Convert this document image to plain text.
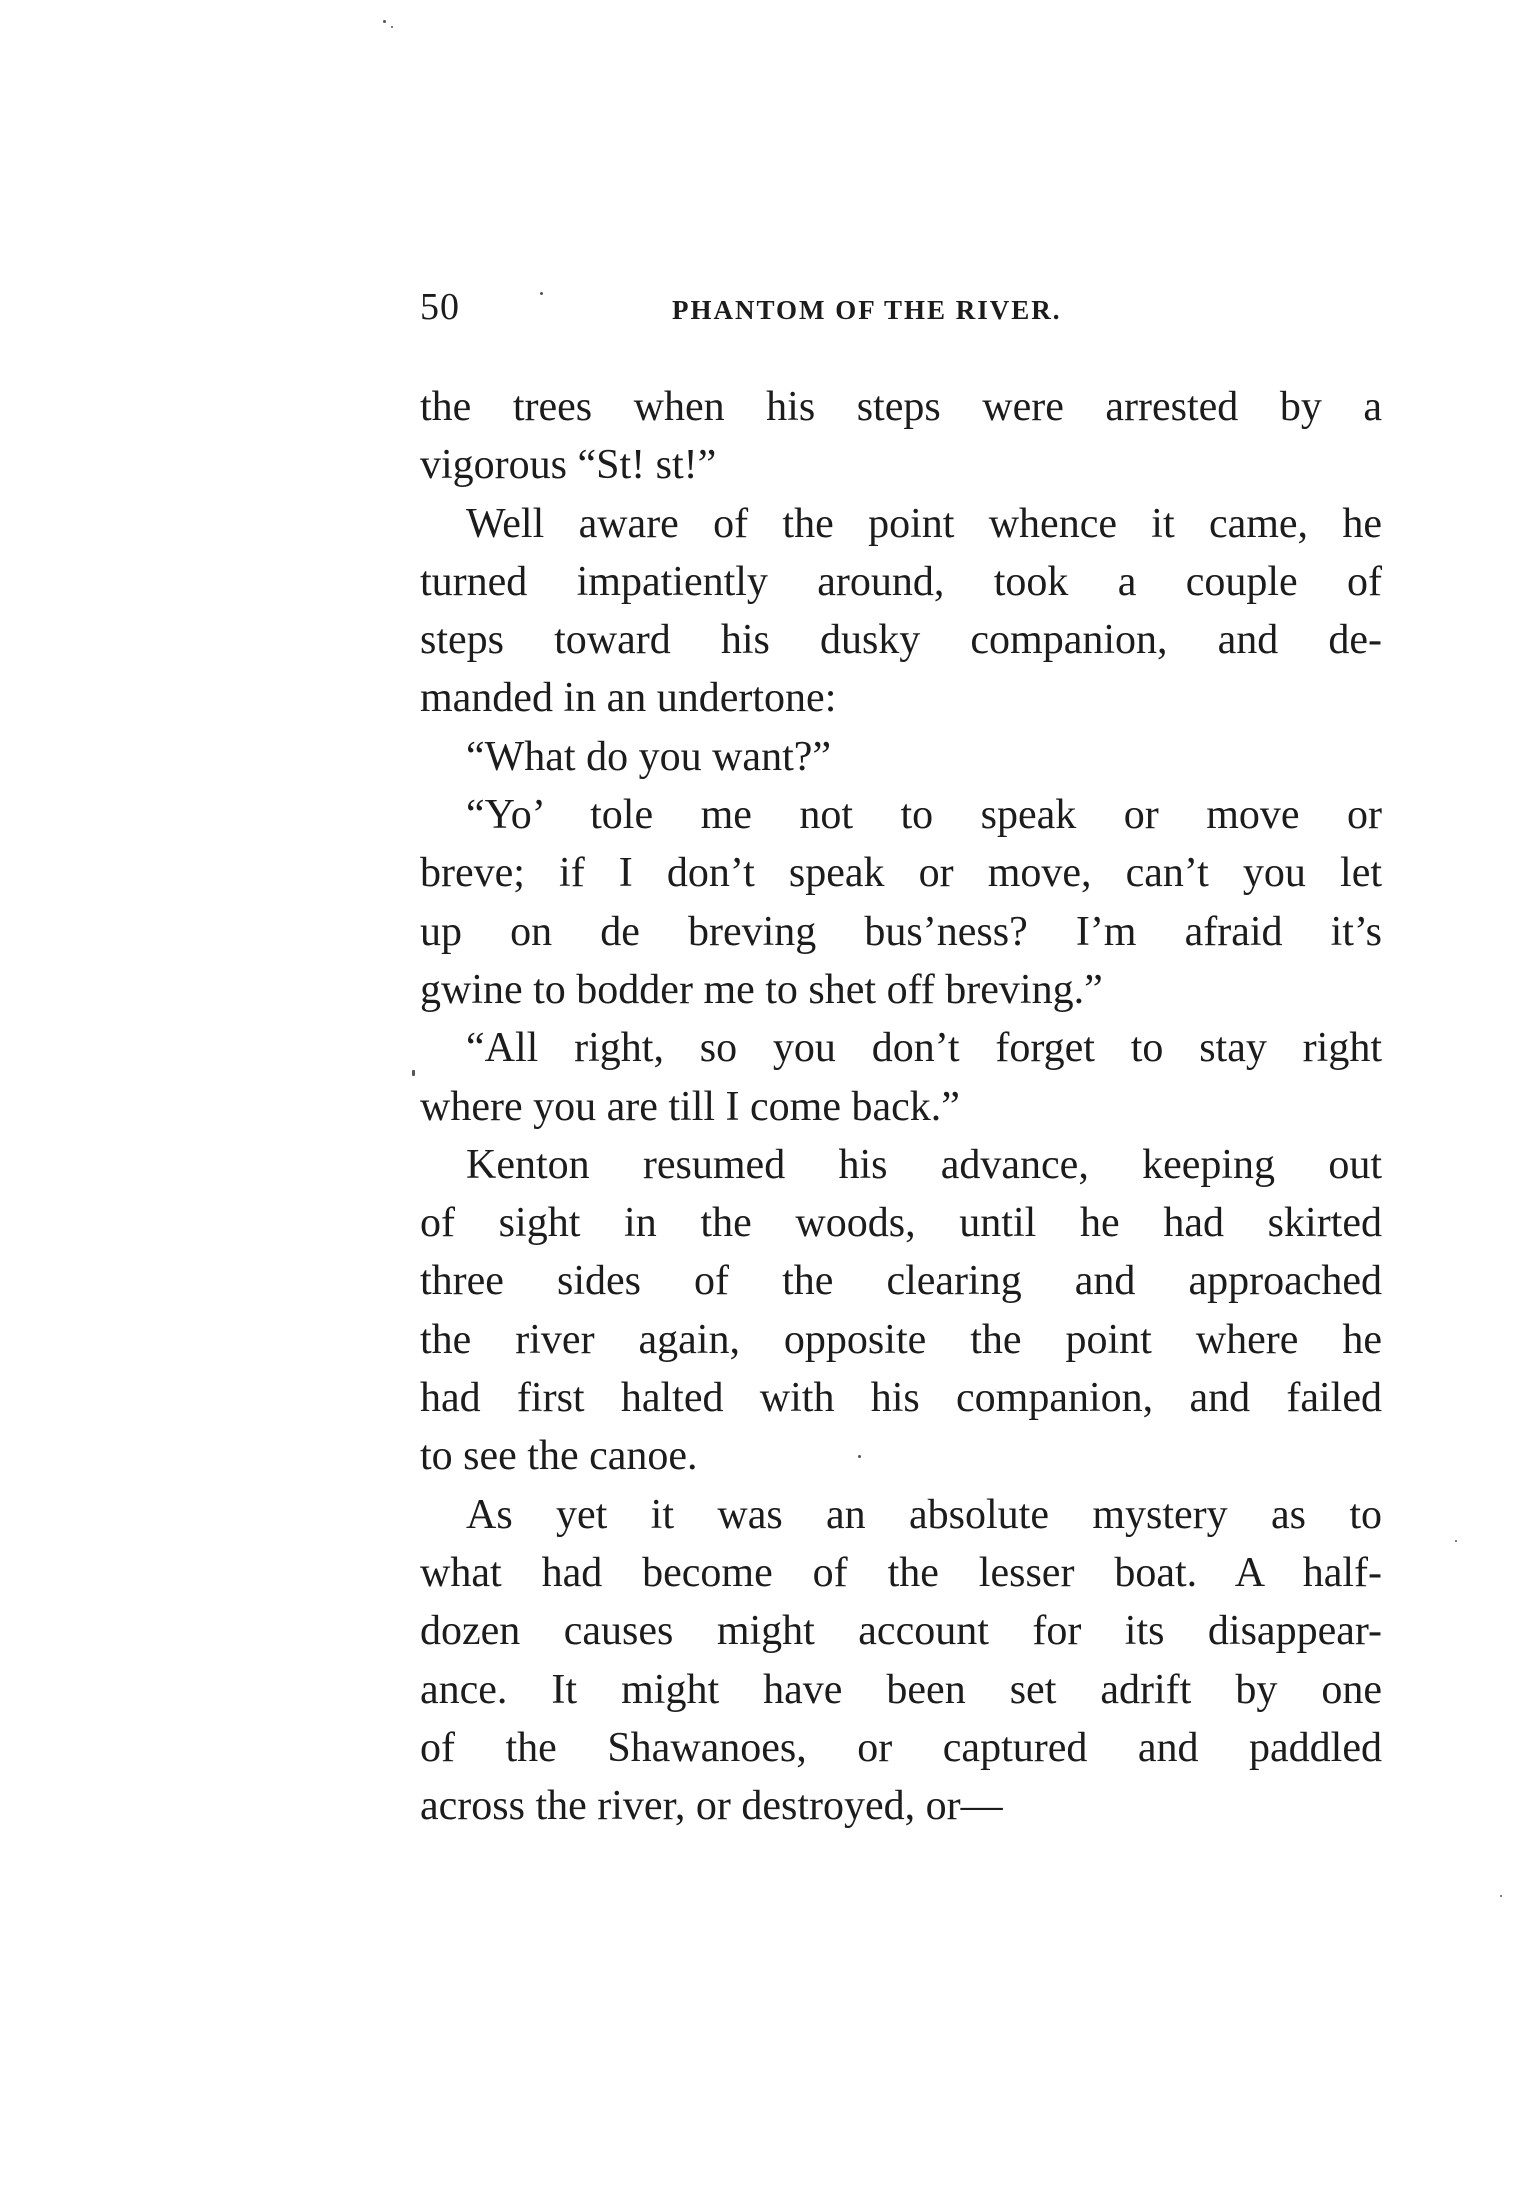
50	PHANTOM OF THE RIVER.
the trees when his steps were arrested by a
vigorous “St! st!”
Well aware of the point whence it came, he
turned impatiently around, took a couple of
steps toward his dusky companion, and de-
manded in an undertone:
“What do you want?”
“Yo’ tole me not to speak or move or
breve; if I don’t speak or move, can’t you let
up on de breving bus’ness? I’m afraid it’s
gwine to bodder me to shet off breving.”
“All right, so you don’t forget to stay right
where you are till I come back.”
Kenton resumed his advance, keeping out
of sight in the woods, until he had skirted
three sides of the clearing and approached
the river again, opposite the point where he
had first halted with his companion, and failed
to see the canoe.
As yet it was an absolute mystery as to
what had become of the lesser boat. A half-
dozen causes might account for its disappear-
ance. It might have been set adrift by one
of the Shawanoes, or captured and paddled
across the river, or destroyed, or—
